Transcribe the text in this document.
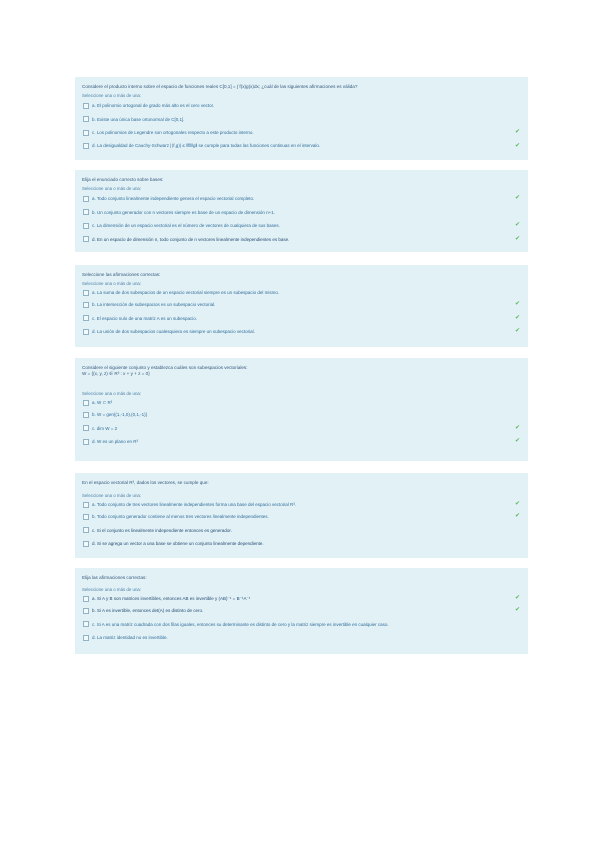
Considere el producto interno sobre el espacio de funciones reales C[0,1] = ∫ f(x)g(x)dx; ¿cuál de las siguientes afirmaciones es válida?
Seleccione una o más de una:
a. El polinomio ortogonal de grado más alto es el cero vector.
b. Existe una única base ortonormal de C[0,1].
c. Los polinomios de Legendre son ortogonales respecto a este producto interno.	✔
d. La desigualdad de Cauchy-Schwarz |⟨f,g⟩| ≤ ‖f‖‖g‖ se cumple para todas las funciones continuas en el intervalo.	✔
Elija el enunciado correcto sobre bases:
Seleccione una o más de una:
a. Todo conjunto linealmente independiente genera el espacio vectorial completo.	✔
b. Un conjunto generador con n vectores siempre es base de un espacio de dimensión n+1.
c. La dimensión de un espacio vectorial es el número de vectores de cualquiera de sus bases.	✔
d. En un espacio de dimensión n, todo conjunto de n vectores linealmente independientes es base.	✔
Seleccione las afirmaciones correctas:
Seleccione una o más de una:
a. La suma de dos subespacios de un espacio vectorial siempre es un subespacio del mismo.
b. La intersección de subespacios es un subespacio vectorial.	✔
c. El espacio nulo de una matriz A es un subespacio.	✔
d. La unión de dos subespacios cualesquiera es siempre un subespacio vectorial.	✔
Considere el siguiente conjunto y establezca cuáles son subespacios vectoriales:
W = {(x, y, z) ∈ R³ : x + y + z = 0}
Seleccione una o más de una:
a. W ⊂ R³
b. W = gen{(1,-1,0),(0,1,-1)}
c. dim W = 2	✔
d. W es un plano en R³	✔
En el espacio vectorial R³, dados los vectores, se cumple que:
Seleccione una o más de una:
a. Todo conjunto de tres vectores linealmente independientes forma una base del espacio vectorial R³.	✔
b. Todo conjunto generador contiene al menos tres vectores linealmente independientes.	✔
c. Si el conjunto es linealmente independiente entonces es generador.
d. Si se agrega un vector a una base se obtiene un conjunto linealmente dependiente.
Elija las afirmaciones correctas:
Seleccione una o más de una:
a. Si A y B son matrices invertibles, entonces AB es invertible y (AB)⁻¹ = B⁻¹A⁻¹	✔
b. Si A es invertible, entonces det(A) es distinto de cero.	✔
c. Si A es una matriz cuadrada con dos filas iguales, entonces su determinante es distinto de cero y la matriz siempre es invertible en cualquier caso.
d. La matriz identidad no es invertible.
